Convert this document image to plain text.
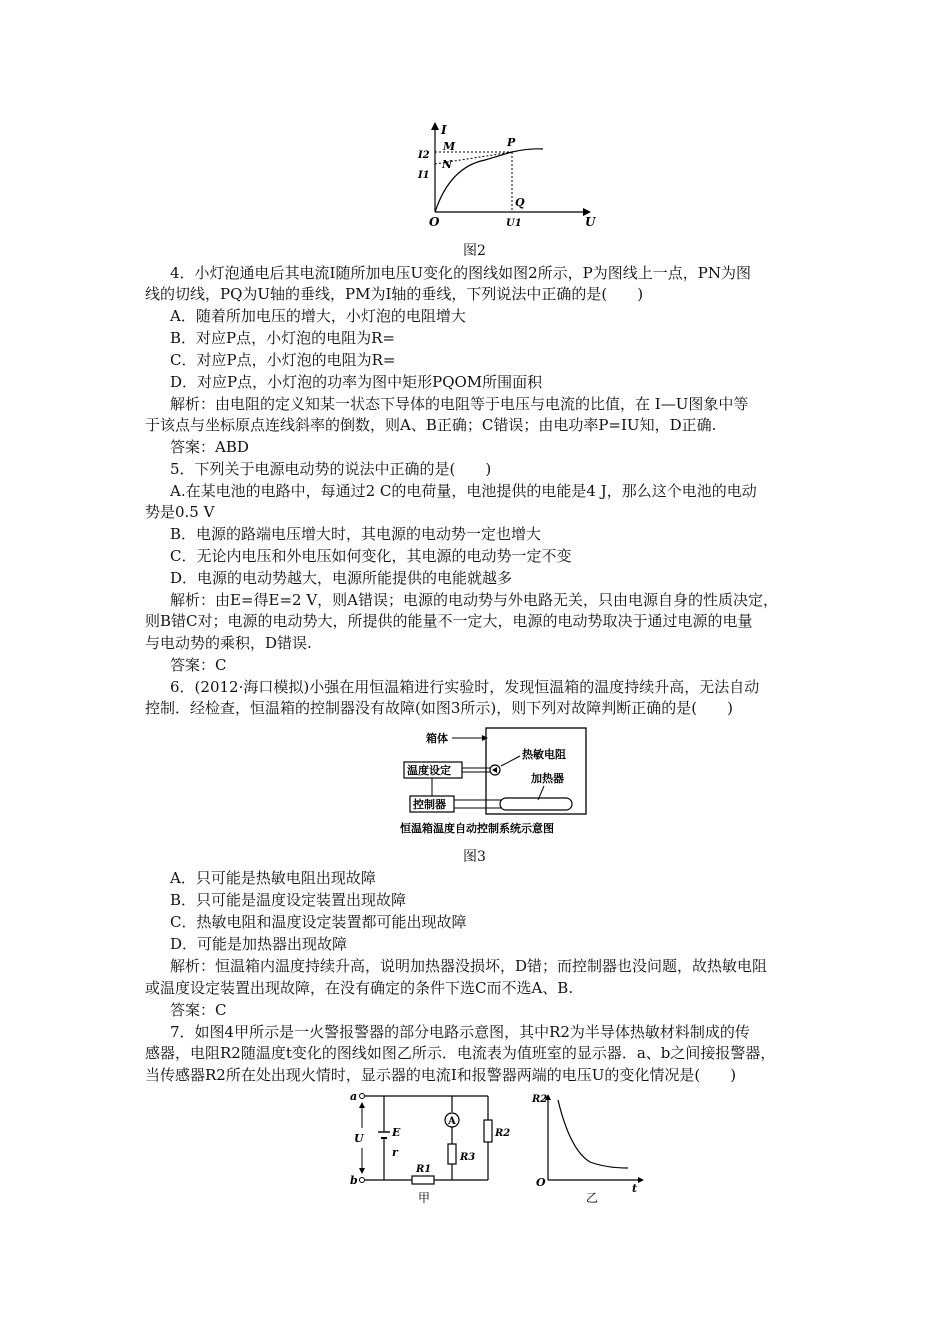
I
U
O
M
N
P
Q
I2
I1
U1
图2
4．小灯泡通电后其电流I随所加电压U变化的图线如图2所示，P为图线上一点，PN为图
线的切线，PQ为U轴的垂线，PM为I轴的垂线，下列说法中正确的是(　　)
A．随着所加电压的增大，小灯泡的电阻增大
B．对应P点，小灯泡的电阻为R=
C．对应P点，小灯泡的电阻为R=
D．对应P点，小灯泡的功率为图中矩形PQOM所围面积
解析：由电阻的定义知某一状态下导体的电阻等于电压与电流的比值，在 I—U图象中等
于该点与坐标原点连线斜率的倒数，则A、B正确；C错误；由电功率P=IU知，D正确.
答案：ABD
5．下列关于电源电动势的说法中正确的是(　　)
A.在某电池的电路中，每通过2 C的电荷量，电池提供的电能是4 J，那么这个电池的电动
势是0.5 V
B．电源的路端电压增大时，其电源的电动势一定也增大
C．无论内电压和外电压如何变化，其电源的电动势一定不变
D．电源的电动势越大，电源所能提供的电能就越多
解析：由E=得E=2 V，则A错误；电源的电动势与外电路无关，只由电源自身的性质决定，
则B错C对；电源的电动势大，所提供的能量不一定大，电源的电动势取决于通过电源的电量
与电动势的乘积，D错误.
答案：C
6．(2012·海口模拟)小强在用恒温箱进行实验时，发现恒温箱的温度持续升高，无法自动
控制．经检查，恒温箱的控制器没有故障(如图3所示)，则下列对故障判断正确的是(　　)
箱体
热敏电阻
温度设定
加热器
控制器
恒温箱温度自动控制系统示意图
图3
A．只可能是热敏电阻出现故障
B．只可能是温度设定装置出现故障
C．热敏电阻和温度设定装置都可能出现故障
D．可能是加热器出现故障
解析：恒温箱内温度持续升高，说明加热器没损坏，D错；而控制器也没问题，故热敏电阻
或温度设定装置出现故障，在没有确定的条件下选C而不选A、B.
答案：C
7．如图4甲所示是一火警报警器的部分电路示意图，其中R2为半导体热敏材料制成的传
感器，电阻R2随温度t变化的图线如图乙所示．电流表为值班室的显示器．a、b之间接报警器，
当传感器R2所在处出现火情时，显示器的电流I和报警器两端的电压U的变化情况是(　　)
a
b
U	E
r
A
R3
R2
R1
甲
R2
t
O
乙
